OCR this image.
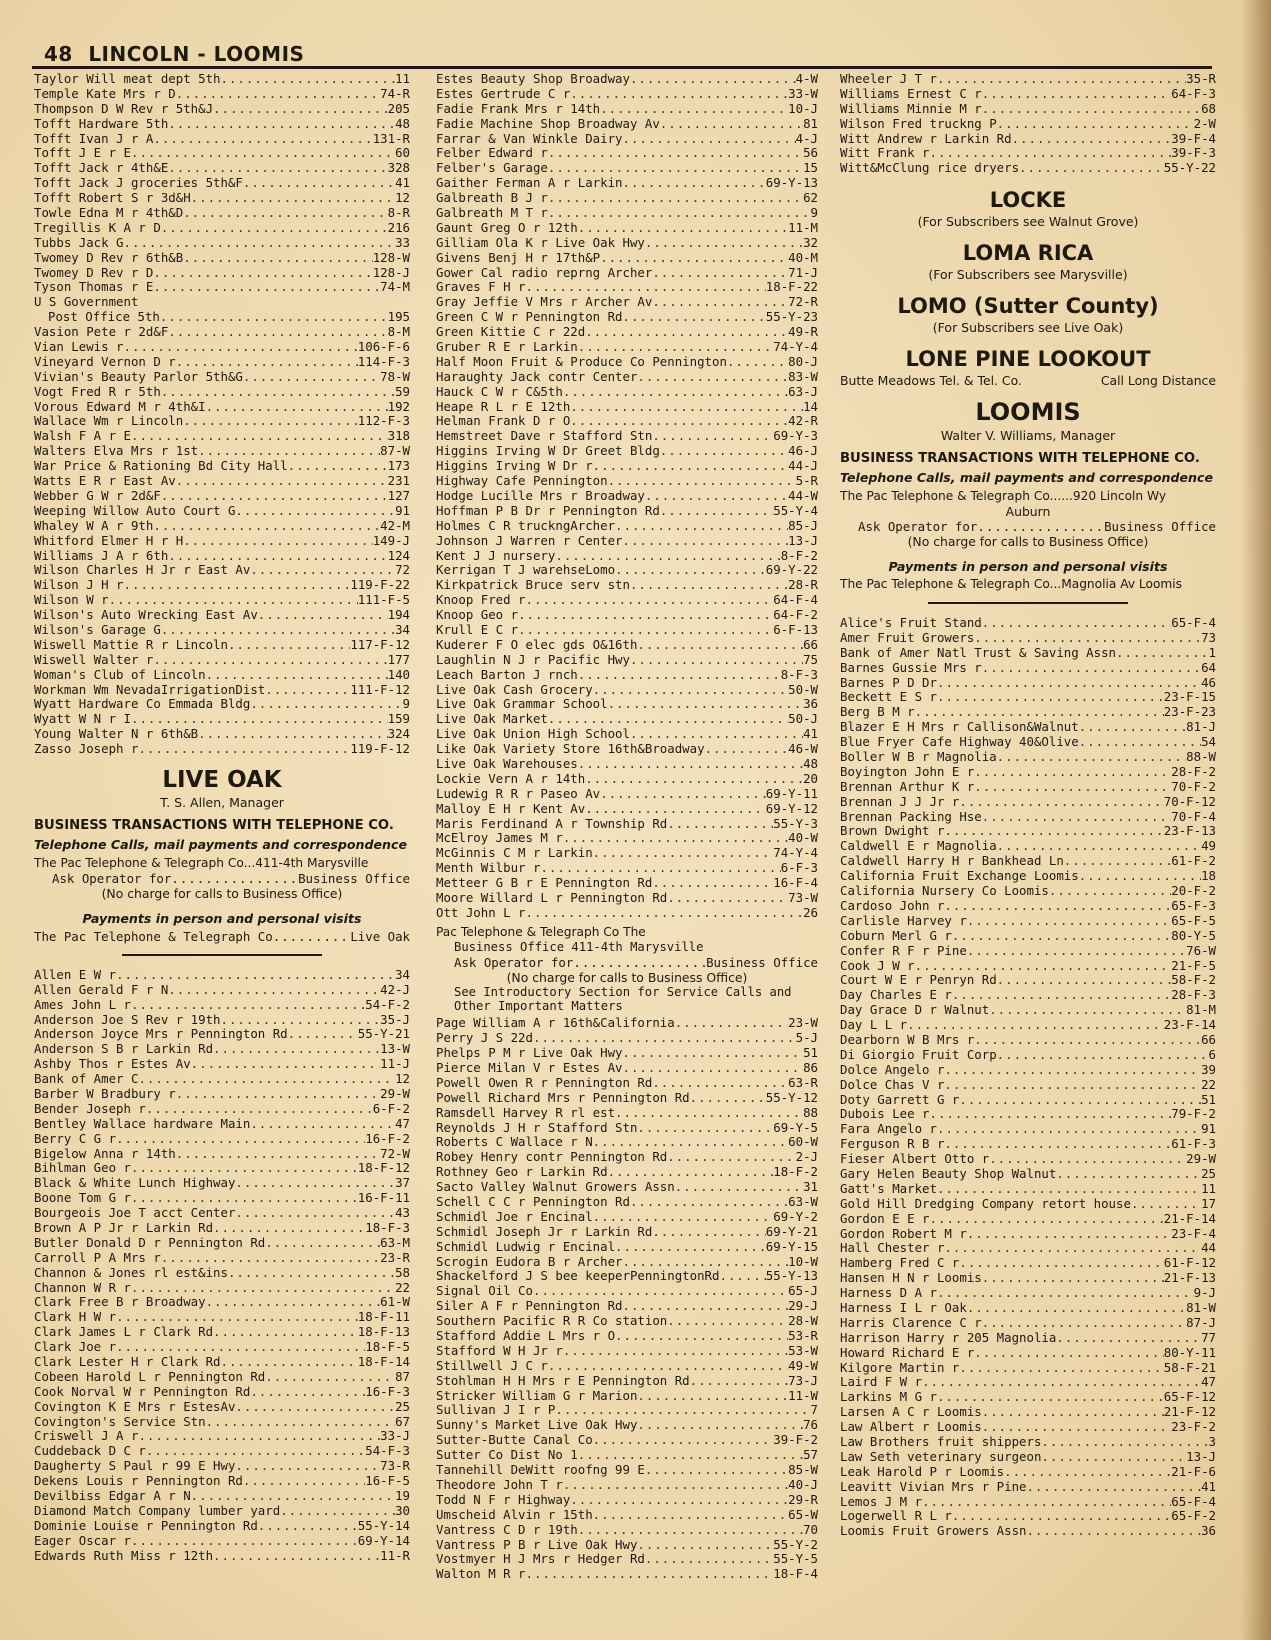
48 LINCOLN - LOOMIS
Taylor Will meat dept 5th .....	11
Temple Kate Mrs r D .....	74-R
Thompson D W Rev r 5th&J .....	205
Tofft Hardware 5th .....	48
Tofft Ivan J r A .....	131-R
Tofft J E r E .....	60
Tofft Jack r 4th&E .....	328
Tofft Jack J groceries 5th&F .....	41
Tofft Robert S r 3d&H .....	12
Towle Edna M r 4th&D .....	8-R
Tregillis K A r D .....	216
Tubbs Jack G .....	33
Twomey D Rev r 6th&B .....	128-W
Twomey D Rev r D .....	128-J
Tyson Thomas r E .....	74-M
U S Government
Post Office 5th .....	195
Vasion Pete r 2d&F .....	8-M
Vian Lewis r .....	106-F-6
Vineyard Vernon D r .....	114-F-3
Vivian's Beauty Parlor 5th&G .....	78-W
Vogt Fred R r 5th .....	59
Vorous Edward M r 4th&I .....	192
Wallace Wm r Lincoln .....	112-F-3
Walsh F A r E .....	318
Walters Elva Mrs r 1st .....	87-W
War Price & Rationing Bd City Hall .....	173
Watts E R r East Av .....	231
Webber G W r 2d&F .....	127
Weeping Willow Auto Court G .....	91
Whaley W A r 9th .....	42-M
Whitford Elmer H r H .....	149-J
Williams J A r 6th .....	124
Wilson Charles H Jr r East Av .....	72
Wilson J H r .....	119-F-22
Wilson W r .....	111-F-5
Wilson's Auto Wrecking East Av .....	194
Wilson's Garage G .....	34
Wiswell Mattie R r Lincoln .....	117-F-12
Wiswell Walter r .....	177
Woman's Club of Lincoln .....	140
Workman Wm NevadaIrrigationDist .....	111-F-12
Wyatt Hardware Co Emmada Bldg .....	9
Wyatt W N r I .....	159
Young Walter N r 6th&B .....	324
Zasso Joseph r .....	119-F-12
LIVE OAK
T. S. Allen, Manager
BUSINESS TRANSACTIONS WITH TELEPHONE CO.
Telephone Calls, mail payments and correspondence
The Pac Telephone & Telegraph Co...411-4th Marysville
Ask Operator for .....	Business Office
(No charge for calls to Business Office)
Payments in person and personal visits
The Pac Telephone & Telegraph Co .....	Live Oak
Allen E W r .....	34
Allen Gerald F r N .....	42-J
Ames John L r .....	54-F-2
Anderson Joe S Rev r 19th .....	35-J
Anderson Joyce Mrs r Pennington Rd .....	55-Y-21
Anderson S B r Larkin Rd .....	13-W
Ashby Thos r Estes Av .....	11-J
Bank of Amer C .....	12
Barber W Bradbury r .....	29-W
Bender Joseph r .....	6-F-2
Bentley Wallace hardware Main .....	47
Berry C G r .....	16-F-2
Bigelow Anna r 14th .....	72-W
Bihlman Geo r .....	18-F-12
Black & White Lunch Highway .....	37
Boone Tom G r .....	16-F-11
Bourgeois Joe T acct Center .....	43
Brown A P Jr r Larkin Rd .....	18-F-3
Butler Donald D r Pennington Rd .....	63-M
Carroll P A Mrs r .....	23-R
Channon & Jones rl est&ins .....	58
Channon W R r .....	22
Clark Free B r Broadway .....	61-W
Clark H W r .....	18-F-11
Clark James L r Clark Rd .....	18-F-13
Clark Joe r .....	18-F-5
Clark Lester H r Clark Rd .....	18-F-14
Cobeen Harold L r Pennington Rd .....	87
Cook Norval W r Pennington Rd .....	16-F-3
Covington K E Mrs r EstesAv .....	25
Covington's Service Stn .....	67
Criswell J A r .....	33-J
Cuddeback D C r .....	54-F-3
Daugherty S Paul r 99 E Hwy .....	73-R
Dekens Louis r Pennington Rd .....	16-F-5
Devilbiss Edgar A r N .....	19
Diamond Match Company lumber yard .....	30
Dominie Louise r Pennington Rd .....	55-Y-14
Eager Oscar r .....	69-Y-14
Edwards Ruth Miss r 12th .....	11-R
Estes Beauty Shop Broadway .....	4-W
Estes Gertrude C r .....	33-W
Fadie Frank Mrs r 14th .....	10-J
Fadie Machine Shop Broadway Av .....	81
Farrar & Van Winkle Dairy .....	4-J
Felber Edward r .....	56
Felber's Garage .....	15
Gaither Ferman A r Larkin .....	69-Y-13
Galbreath B J r .....	62
Galbreath M T r .....	9
Gaunt Greg O r 12th .....	11-M
Gilliam Ola K r Live Oak Hwy .....	32
Givens Benj H r 17th&P .....	40-M
Gower Cal radio reprng Archer .....	71-J
Graves F H r .....	18-F-22
Gray Jeffie V Mrs r Archer Av .....	72-R
Green C W r Pennington Rd .....	55-Y-23
Green Kittie C r 22d .....	49-R
Gruber R E r Larkin .....	74-Y-4
Half Moon Fruit & Produce Co Pennington .....	80-J
Haraughty Jack contr Center .....	83-W
Hauck C W r C&5th .....	63-J
Heape R L r E 12th .....	14
Helman Frank D r O .....	42-R
Hemstreet Dave r Stafford Stn .....	69-Y-3
Higgins Irving W Dr Greet Bldg .....	46-J
Higgins Irving W Dr r .....	44-J
Highway Cafe Pennington .....	5-R
Hodge Lucille Mrs r Broadway .....	44-W
Hoffman P B Dr r Pennington Rd .....	55-Y-4
Holmes C R truckngArcher .....	85-J
Johnson J Warren r Center .....	13-J
Kent J J nursery .....	8-F-2
Kerrigan T J warehseLomo .....	69-Y-22
Kirkpatrick Bruce serv stn .....	28-R
Knoop Fred r .....	64-F-4
Knoop Geo r .....	64-F-2
Krull E C r .....	6-F-13
Kuderer F O elec gds O&16th .....	66
Laughlin N J r Pacific Hwy .....	75
Leach Barton J rnch .....	8-F-3
Live Oak Cash Grocery .....	50-W
Live Oak Grammar School .....	36
Live Oak Market .....	50-J
Live Oak Union High School .....	41
Like Oak Variety Store 16th&Broadway .....	46-W
Live Oak Warehouses .....	48
Lockie Vern A r 14th .....	20
Ludewig R R r Paseo Av .....	69-Y-11
Malloy E H r Kent Av .....	69-Y-12
Maris Ferdinand A r Township Rd .....	55-Y-3
McElroy James M r .....	40-W
McGinnis C M r Larkin .....	74-Y-4
Menth Wilbur r .....	6-F-3
Metteer G B r E Pennington Rd .....	16-F-4
Moore Willard L r Pennington Rd .....	73-W
Ott John L r .....	26
Pac Telephone & Telegraph Co The
Business Office 411-4th Marysville
Ask Operator for .....	Business Office
(No charge for calls to Business Office)
See Introductory Section for Service Calls and
Other Important Matters
Page William A r 16th&California .....	23-W
Perry J S 22d .....	5-J
Phelps P M r Live Oak Hwy .....	51
Pierce Milan V r Estes Av .....	86
Powell Owen R r Pennington Rd .....	63-R
Powell Richard Mrs r Pennington Rd .....	55-Y-12
Ramsdell Harvey R rl est .....	88
Reynolds J H r Stafford Stn .....	69-Y-5
Roberts C Wallace r N .....	60-W
Robey Henry contr Pennington Rd .....	2-J
Rothney Geo r Larkin Rd .....	18-F-2
Sacto Valley Walnut Growers Assn .....	31
Schell C C r Pennington Rd .....	63-W
Schmidl Joe r Encinal .....	69-Y-2
Schmidl Joseph Jr r Larkin Rd .....	69-Y-21
Schmidl Ludwig r Encinal .....	69-Y-15
Scrogin Eudora B r Archer .....	10-W
Shackelford J S bee keeperPenningtonRd .....	55-Y-13
Signal Oil Co .....	65-J
Siler A F r Pennington Rd .....	29-J
Southern Pacific R R Co station .....	28-W
Stafford Addie L Mrs r O .....	53-R
Stafford W H Jr r .....	53-W
Stillwell J C r .....	49-W
Stohlman H H Mrs r E Pennington Rd .....	73-J
Stricker William G r Marion .....	11-W
Sullivan J I r P .....	7
Sunny's Market Live Oak Hwy .....	76
Sutter-Butte Canal Co .....	39-F-2
Sutter Co Dist No 1 .....	57
Tannehill DeWitt roofng 99 E .....	85-W
Theodore John T r .....	40-J
Todd N F r Highway .....	29-R
Umscheid Alvin r 15th .....	65-W
Vantress C D r 19th .....	70
Vantress P B r Live Oak Hwy .....	55-Y-2
Vostmyer H J Mrs r Hedger Rd .....	55-Y-5
Walton M R r .....	18-F-4
Wheeler J T r .....	35-R
Williams Ernest C r .....	64-F-3
Williams Minnie M r .....	68
Wilson Fred truckng P .....	2-W
Witt Andrew r Larkin Rd .....	39-F-4
Witt Frank r .....	39-F-3
Witt&McClung rice dryers .....	55-Y-22
LOCKE
(For Subscribers see Walnut Grove)
LOMA RICA
(For Subscribers see Marysville)
LOMO (Sutter County)
(For Subscribers see Live Oak)
LONE PINE LOOKOUT
Butte Meadows Tel. & Tel. Co.	Call Long Distance
LOOMIS
Walter V. Williams, Manager
BUSINESS TRANSACTIONS WITH TELEPHONE CO.
Telephone Calls, mail payments and correspondence
The Pac Telephone & Telegraph Co......920 Lincoln Wy
Auburn
Ask Operator for .....	Business Office
(No charge for calls to Business Office)
Payments in person and personal visits
The Pac Telephone & Telegraph Co...Magnolia Av Loomis
Alice's Fruit Stand .....	65-F-4
Amer Fruit Growers .....	73
Bank of Amer Natl Trust & Saving Assn .....	1
Barnes Gussie Mrs r .....	64
Barnes P D Dr .....	46
Beckett E S r .....	23-F-15
Berg B M r .....	23-F-23
Blazer E H Mrs r Callison&Walnut .....	81-J
Blue Fryer Cafe Highway 40&Olive .....	54
Boller W B r Magnolia .....	88-W
Boyington John E r .....	28-F-2
Brennan Arthur K r .....	70-F-2
Brennan J J Jr r .....	70-F-12
Brennan Packing Hse .....	70-F-4
Brown Dwight r .....	23-F-13
Caldwell E r Magnolia .....	49
Caldwell Harry H r Bankhead Ln .....	61-F-2
California Fruit Exchange Loomis .....	18
California Nursery Co Loomis .....	20-F-2
Cardoso John r .....	65-F-3
Carlisle Harvey r .....	65-F-5
Coburn Merl G r .....	80-Y-5
Confer R F r Pine .....	76-W
Cook J W r .....	21-F-5
Court W E r Penryn Rd .....	58-F-2
Day Charles E r .....	28-F-3
Day Grace D r Walnut .....	81-M
Day L L r .....	23-F-14
Dearborn W B Mrs r .....	66
Di Giorgio Fruit Corp .....	6
Dolce Angelo r .....	39
Dolce Chas V r .....	22
Doty Garrett G r .....	51
Dubois Lee r .....	79-F-2
Fara Angelo r .....	91
Ferguson R B r .....	61-F-3
Fieser Albert Otto r .....	29-W
Gary Helen Beauty Shop Walnut .....	25
Gatt's Market .....	11
Gold Hill Dredging Company retort house .....	17
Gordon E E r .....	21-F-14
Gordon Robert M r .....	23-F-4
Hall Chester r .....	44
Hamberg Fred C r .....	61-F-12
Hansen H N r Loomis .....	21-F-13
Harness D A r .....	9-J
Harness I L r Oak .....	81-W
Harris Clarence C r .....	87-J
Harrison Harry r 205 Magnolia .....	77
Howard Richard E r .....	80-Y-11
Kilgore Martin r .....	58-F-21
Laird F W r .....	47
Larkins M G r .....	65-F-12
Larsen A C r Loomis .....	21-F-12
Law Albert r Loomis .....	23-F-2
Law Brothers fruit shippers .....	3
Law Seth veterinary surgeon .....	13-J
Leak Harold P r Loomis .....	21-F-6
Leavitt Vivian Mrs r Pine .....	41
Lemos J M r .....	65-F-4
Logerwell R L r .....	65-F-2
Loomis Fruit Growers Assn .....	36
